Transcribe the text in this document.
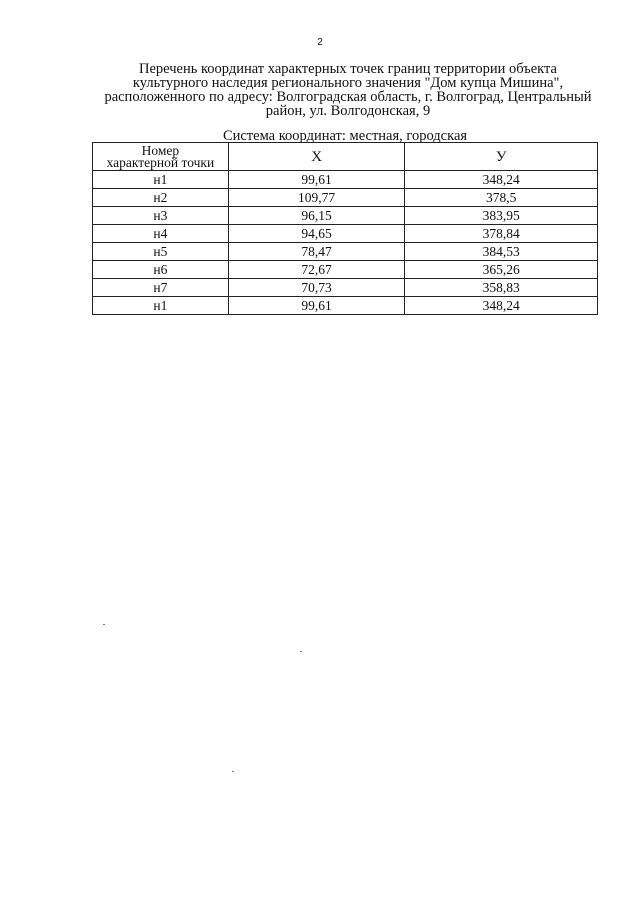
2
Перечень координат характерных точек границ территории объекта
культурного наследия регионального значения "Дом купца Мишина",
расположенного по адресу: Волгоградская область, г. Волгоград, Центральный
район, ул. Волгодонская, 9
Система координат: местная, городская
Номер
характерной точки	Х	У
н1	99,61	348,24
н2	109,77	378,5
н3	96,15	383,95
н4	94,65	378,84
н5	78,47	384,53
н6	72,67	365,26
н7	70,73	358,83
н1	99,61	348,24
